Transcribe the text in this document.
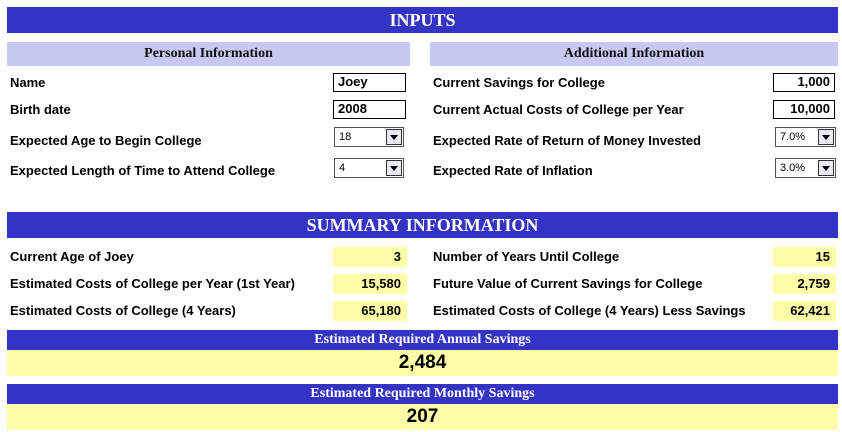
INPUTS
Personal Information
Name	Joey
Birth date	2008
Expected Age to Begin College	18
Expected Length of Time to Attend College	4
Additional Information
Current Savings for College	1,000
Current Actual Costs of College per Year	10,000
Expected Rate of Return of Money Invested	7.0%
Expected Rate of Inflation	3.0%
SUMMARY INFORMATION
Current Age of Joey	3
Estimated Costs of College per Year (1st Year)	15,580
Estimated Costs of College (4 Years)	65,180
Number of Years Until College	15
Future Value of Current Savings for College	2,759
Estimated Costs of College (4 Years) Less Savings	62,421
Estimated Required Annual Savings
2,484
Estimated Required Monthly Savings
207
